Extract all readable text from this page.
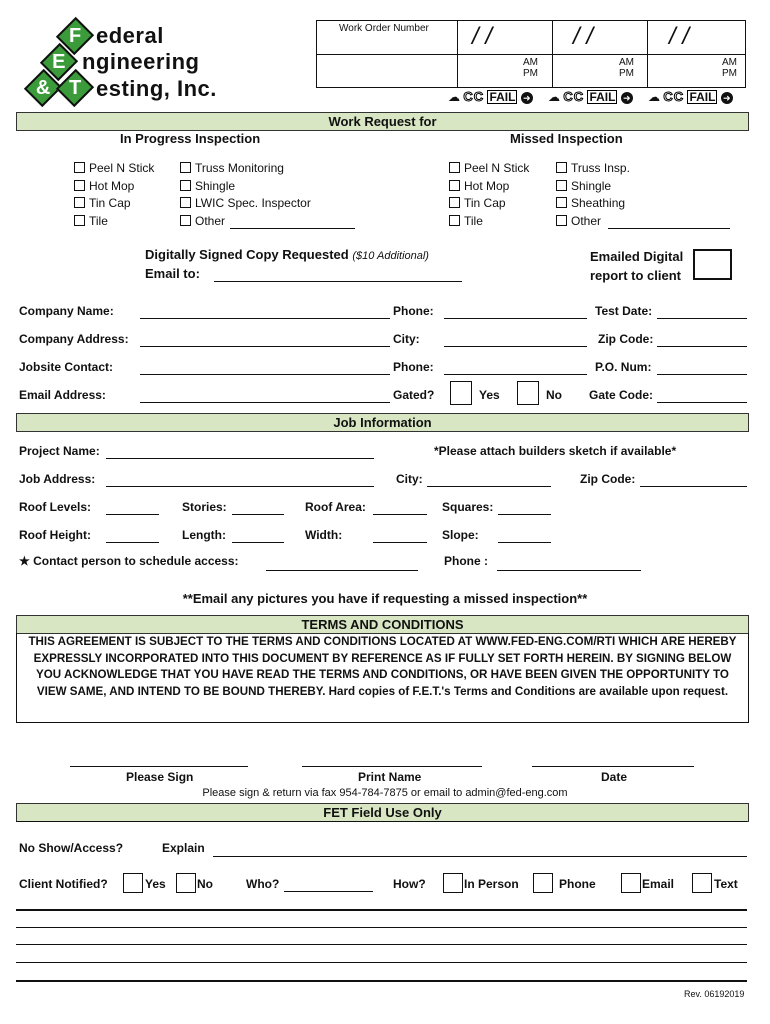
F
E
& T
ederal
ngineering
esting, Inc.
Work Order Number / /	/ /	/ /
AM
PM
AM
PM
AM
PM
☁ CC FAIL ➜ ☁ CC FAIL ➜ ☁ CC FAIL ➜
Work Request for
In Progress Inspection	Missed Inspection
Peel N Stick
Hot Mop
Tin Cap
Tile
Truss Monitoring
Shingle
LWIC Spec. Inspector
Other
Peel N Stick
Hot Mop
Tin Cap
Tile
Truss Insp.
Shingle
Sheathing
Other
Digitally Signed Copy Requested ($10 Additional)
Email to:
Emailed Digital
report to client
Company Name:	Phone:	Test Date:
Company Address:	City:	Zip Code:
Jobsite Contact:	Phone:	P.O. Num:
Email Address:	Gated?	Yes	No Gate Code:
Job Information
Project Name:	*Please attach builders sketch if available*
Job Address:	City:	Zip Code:
Roof Levels:	Stories:	Roof Area:	Squares:
Roof Height:	Length:	Width:	Slope:
★ Contact person to schedule access:	Phone :
**Email any pictures you have if requesting a missed inspection**
TERMS AND CONDITIONS
THIS AGREEMENT IS SUBJECT TO THE TERMS AND CONDITIONS LOCATED AT WWW.FED-ENG.COM/RTI WHICH ARE HEREBY EXPRESSLY INCORPORATED INTO THIS DOCUMENT BY REFERENCE AS IF FULLY SET FORTH HEREIN. BY SIGNING BELOW YOU ACKNOWLEDGE THAT YOU HAVE READ THE TERMS AND CONDITIONS, OR HAVE BEEN GIVEN THE OPPORTUNITY TO VIEW SAME, AND INTEND TO BE BOUND THEREBY. Hard copies of F.E.T.'s Terms and Conditions are available upon request.
Please Sign	Print Name	Date
Please sign & return via fax 954-784-7875 or email to admin@fed-eng.com
FET Field Use Only
No Show/Access?	Explain
Client Notified?	Yes	No	Who?	How?	In Person	Phone	Email	Text
Rev. 06192019
